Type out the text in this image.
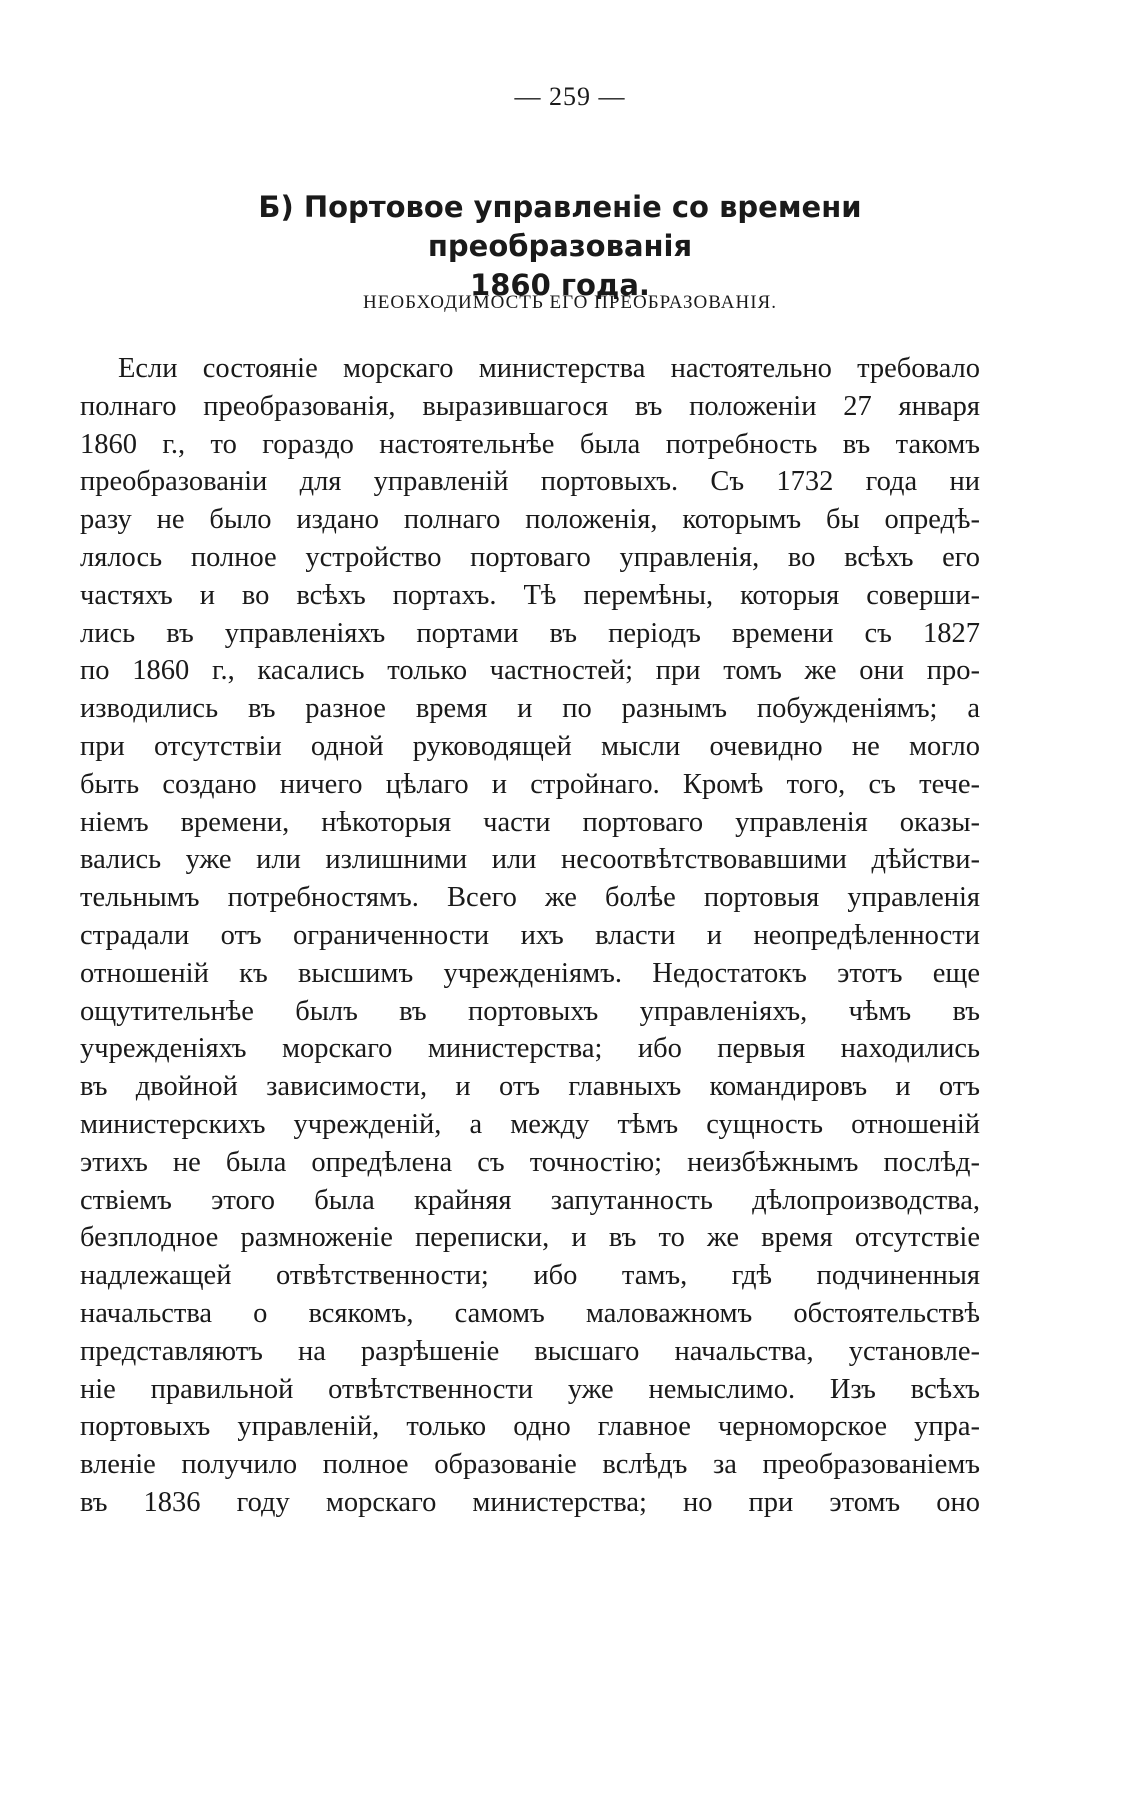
— 259 —
Б) Портовое управленіе со времени преобразованія
1860 года.
НЕОБХОДИМОСТЬ ЕГО ПРЕОБРАЗОВАНІЯ.
Если состояніе морскаго министерства настоятельно требовало
полнаго преобразованія, выразившагося въ положеніи 27 января
1860 г., то гораздо настоятельнѣе была потребность въ такомъ
преобразованіи для управленій портовыхъ. Съ 1732 года ни
разу не было издано полнаго положенія, которымъ бы опредѣ-
лялось полное устройство портоваго управленія, во всѣхъ его
частяхъ и во всѣхъ портахъ. Тѣ перемѣны, которыя соверши-
лись въ управленіяхъ портами въ періодъ времени съ 1827
по 1860 г., касались только частностей; при томъ же они про-
изводились въ разное время и по разнымъ побужденіямъ; а
при отсутствіи одной руководящей мысли очевидно не могло
быть создано ничего цѣлаго и стройнаго. Кромѣ того, съ тече-
ніемъ времени, нѣкоторыя части портоваго управленія оказы-
вались уже или излишними или несоотвѣтствовавшими дѣйстви-
тельнымъ потребностямъ. Всего же болѣе портовыя управленія
страдали отъ ограниченности ихъ власти и неопредѣленности
отношеній къ высшимъ учрежденіямъ. Недостатокъ этотъ еще
ощутительнѣе былъ въ портовыхъ управленіяхъ, чѣмъ въ
учрежденіяхъ морскаго министерства; ибо первыя находились
въ двойной зависимости, и отъ главныхъ командировъ и отъ
министерскихъ учрежденій, а между тѣмъ сущность отношеній
этихъ не была опредѣлена съ точностію; неизбѣжнымъ послѣд-
ствіемъ этого была крайняя запутанность дѣлопроизводства,
безплодное размноженіе переписки, и въ то же время отсутствіе
надлежащей отвѣтственности; ибо тамъ, гдѣ подчиненныя
начальства о всякомъ, самомъ маловажномъ обстоятельствѣ
представляютъ на разрѣшеніе высшаго начальства, установле-
ніе правильной отвѣтственности уже немыслимо. Изъ всѣхъ
портовыхъ управленій, только одно главное черноморское упра-
вленіе получило полное образованіе вслѣдъ за преобразованіемъ
въ 1836 году морскаго министерства; но при этомъ оно
